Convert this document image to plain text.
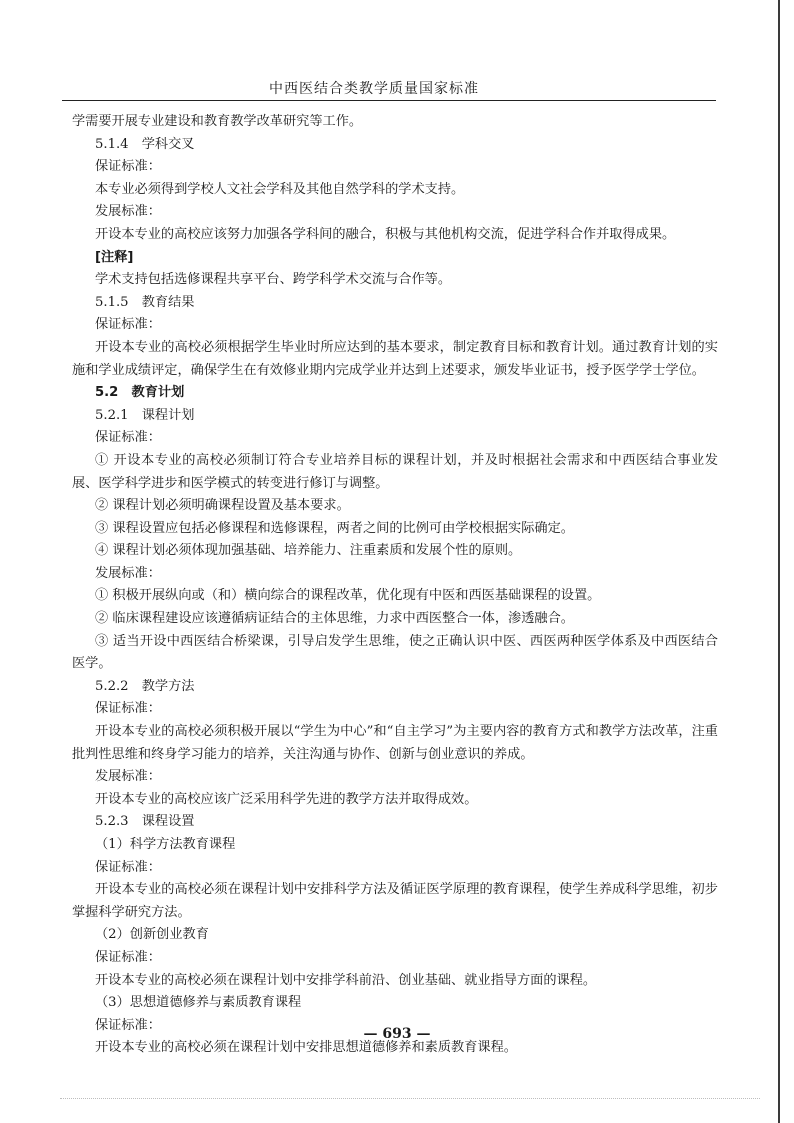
中西医结合类教学质量国家标准

学需要开展专业建设和教育教学改革研究等工作。

5.1.4　学科交叉

保证标准：

本专业必须得到学校人文社会学科及其他自然学科的学术支持。

发展标准：

开设本专业的高校应该努力加强各学科间的融合，积极与其他机构交流，促进学科合作并取得成果。

[注释]

学术支持包括选修课程共享平台、跨学科学术交流与合作等。

5.1.5　教育结果

保证标准：

开设本专业的高校必须根据学生毕业时所应达到的基本要求，制定教育目标和教育计划。通过教育计划的实施和学业成绩评定，确保学生在有效修业期内完成学业并达到上述要求，颁发毕业证书，授予医学学士学位。

5.2　教育计划

5.2.1　课程计划

保证标准：

① 开设本专业的高校必须制订符合专业培养目标的课程计划，并及时根据社会需求和中西医结合事业发展、医学科学进步和医学模式的转变进行修订与调整。

② 课程计划必须明确课程设置及基本要求。

③ 课程设置应包括必修课程和选修课程，两者之间的比例可由学校根据实际确定。

④ 课程计划必须体现加强基础、培养能力、注重素质和发展个性的原则。

发展标准：

① 积极开展纵向或（和）横向综合的课程改革，优化现有中医和西医基础课程的设置。

② 临床课程建设应该遵循病证结合的主体思维，力求中西医整合一体，渗透融合。

③ 适当开设中西医结合桥梁课，引导启发学生思维，使之正确认识中医、西医两种医学体系及中西医结合医学。

5.2.2　教学方法

保证标准：

开设本专业的高校必须积极开展以“学生为中心”和“自主学习”为主要内容的教育方式和教学方法改革，注重批判性思维和终身学习能力的培养，关注沟通与协作、创新与创业意识的养成。

发展标准：

开设本专业的高校应该广泛采用科学先进的教学方法并取得成效。

5.2.3　课程设置

（1）科学方法教育课程

保证标准：

开设本专业的高校必须在课程计划中安排科学方法及循证医学原理的教育课程，使学生养成科学思维，初步掌握科学研究方法。

（2）创新创业教育

保证标准：

开设本专业的高校必须在课程计划中安排学科前沿、创业基础、就业指导方面的课程。

（3）思想道德修养与素质教育课程

保证标准：

开设本专业的高校必须在课程计划中安排思想道德修养和素质教育课程。

— 693 —
